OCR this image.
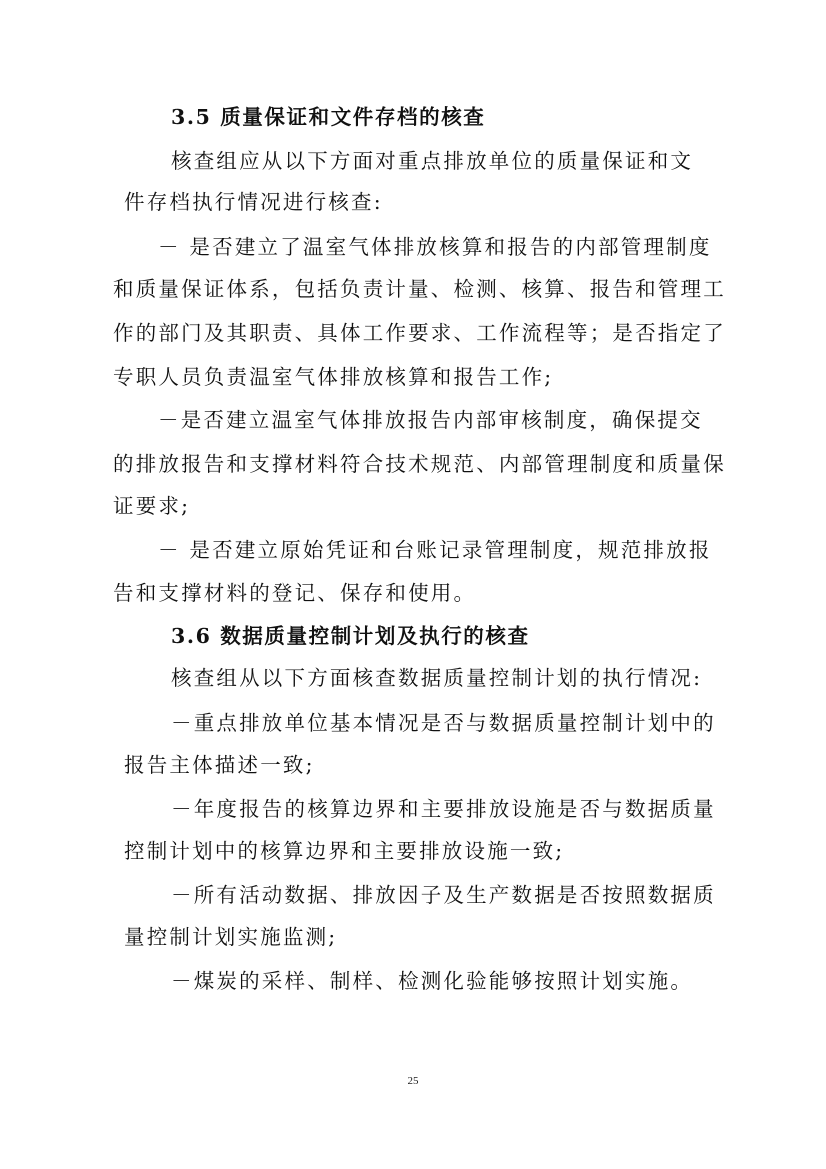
3.5 质量保证和文件存档的核查
核查组应从以下方面对重点排放单位的质量保证和文
件存档执行情况进行核查:
－ 是否建立了温室气体排放核算和报告的内部管理制度
和质量保证体系，包括负责计量、检测、核算、报告和管理工
作的部门及其职责、具体工作要求、工作流程等；是否指定了
专职人员负责温室气体排放核算和报告工作;
－是否建立温室气体排放报告内部审核制度，确保提交
的排放报告和支撑材料符合技术规范、内部管理制度和质量保
证要求;
－ 是否建立原始凭证和台账记录管理制度，规范排放报
告和支撑材料的登记、保存和使用。
3.6 数据质量控制计划及执行的核查
核查组从以下方面核查数据质量控制计划的执行情况:
－重点排放单位基本情况是否与数据质量控制计划中的
报告主体描述一致;
－年度报告的核算边界和主要排放设施是否与数据质量
控制计划中的核算边界和主要排放设施一致;
－所有活动数据、排放因子及生产数据是否按照数据质
量控制计划实施监测;
－煤炭的采样、制样、检测化验能够按照计划实施。
25
